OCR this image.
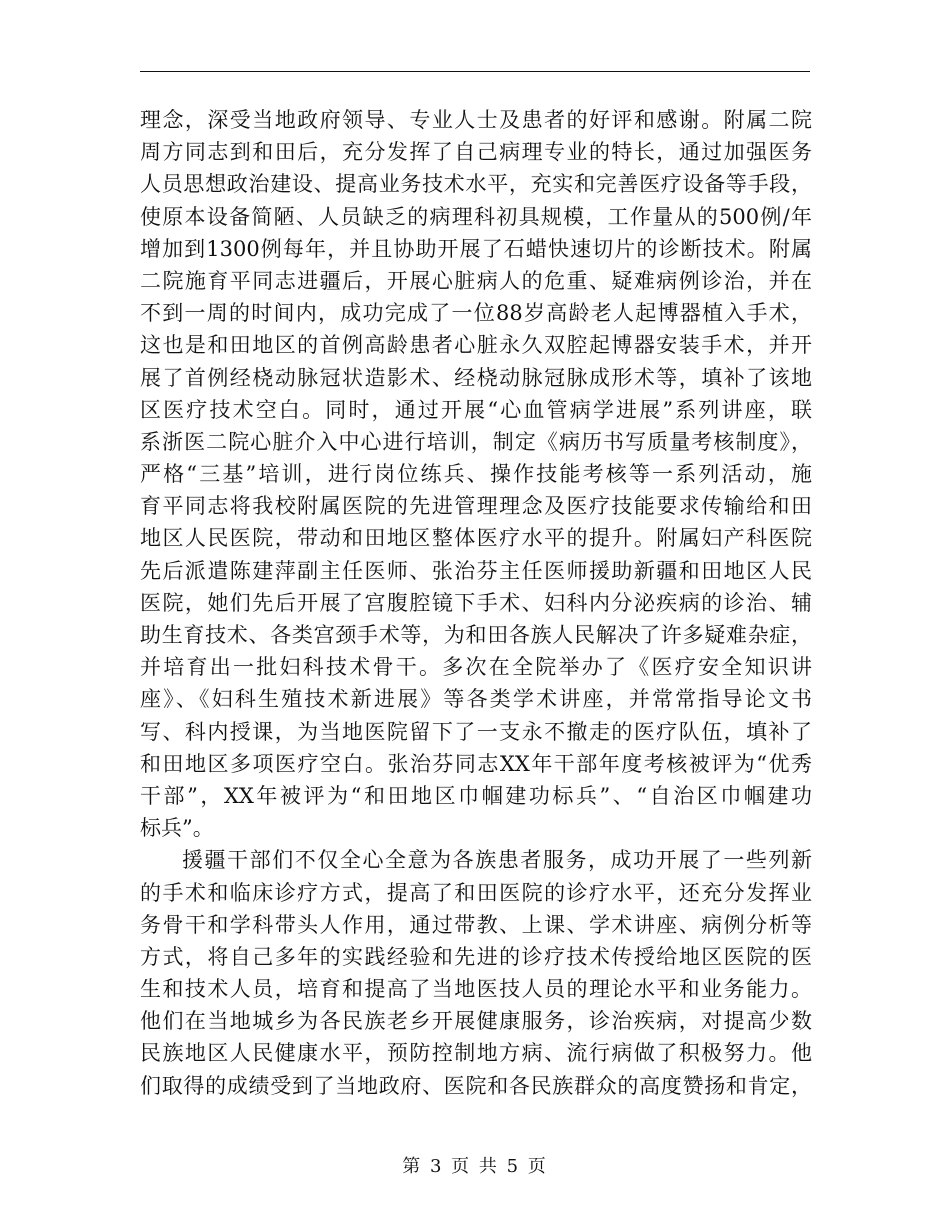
理念，深受当地政府领导、专业人士及患者的好评和感谢。附属二院
周方同志到和田后，充分发挥了自己病理专业的特长，通过加强医务
人员思想政治建设、提高业务技术水平，充实和完善医疗设备等手段，
使原本设备简陋、人员缺乏的病理科初具规模，工作量从的500例/年
增加到1300例每年，并且协助开展了石蜡快速切片的诊断技术。附属
二院施育平同志进疆后，开展心脏病人的危重、疑难病例诊治，并在
不到一周的时间内，成功完成了一位88岁高龄老人起博器植入手术，
这也是和田地区的首例高龄患者心脏永久双腔起博器安装手术，并开
展了首例经桡动脉冠状造影术、经桡动脉冠脉成形术等，填补了该地
区医疗技术空白。同时，通过开展“心血管病学进展”系列讲座，联
系浙医二院心脏介入中心进行培训，制定《病历书写质量考核制度》，
严格“三基”培训，进行岗位练兵、操作技能考核等一系列活动，施
育平同志将我校附属医院的先进管理理念及医疗技能要求传输给和田
地区人民医院，带动和田地区整体医疗水平的提升。附属妇产科医院
先后派遣陈建萍副主任医师、张治芬主任医师援助新疆和田地区人民
医院，她们先后开展了宫腹腔镜下手术、妇科内分泌疾病的诊治、辅
助生育技术、各类宫颈手术等，为和田各族人民解决了许多疑难杂症，
并培育出一批妇科技术骨干。多次在全院举办了《医疗安全知识讲
座》、《妇科生殖技术新进展》等各类学术讲座，并常常指导论文书
写、科内授课，为当地医院留下了一支永不撤走的医疗队伍，填补了
和田地区多项医疗空白。张治芬同志XX年干部年度考核被评为“优秀
干部”，XX年被评为“和田地区巾帼建功标兵”、“自治区巾帼建功
标兵”。
援疆干部们不仅全心全意为各族患者服务，成功开展了一些列新
的手术和临床诊疗方式，提高了和田医院的诊疗水平，还充分发挥业
务骨干和学科带头人作用，通过带教、上课、学术讲座、病例分析等
方式，将自己多年的实践经验和先进的诊疗技术传授给地区医院的医
生和技术人员，培育和提高了当地医技人员的理论水平和业务能力。
他们在当地城乡为各民族老乡开展健康服务，诊治疾病，对提高少数
民族地区人民健康水平，预防控制地方病、流行病做了积极努力。他
们取得的成绩受到了当地政府、医院和各民族群众的高度赞扬和肯定，
第 3 页 共 5 页
